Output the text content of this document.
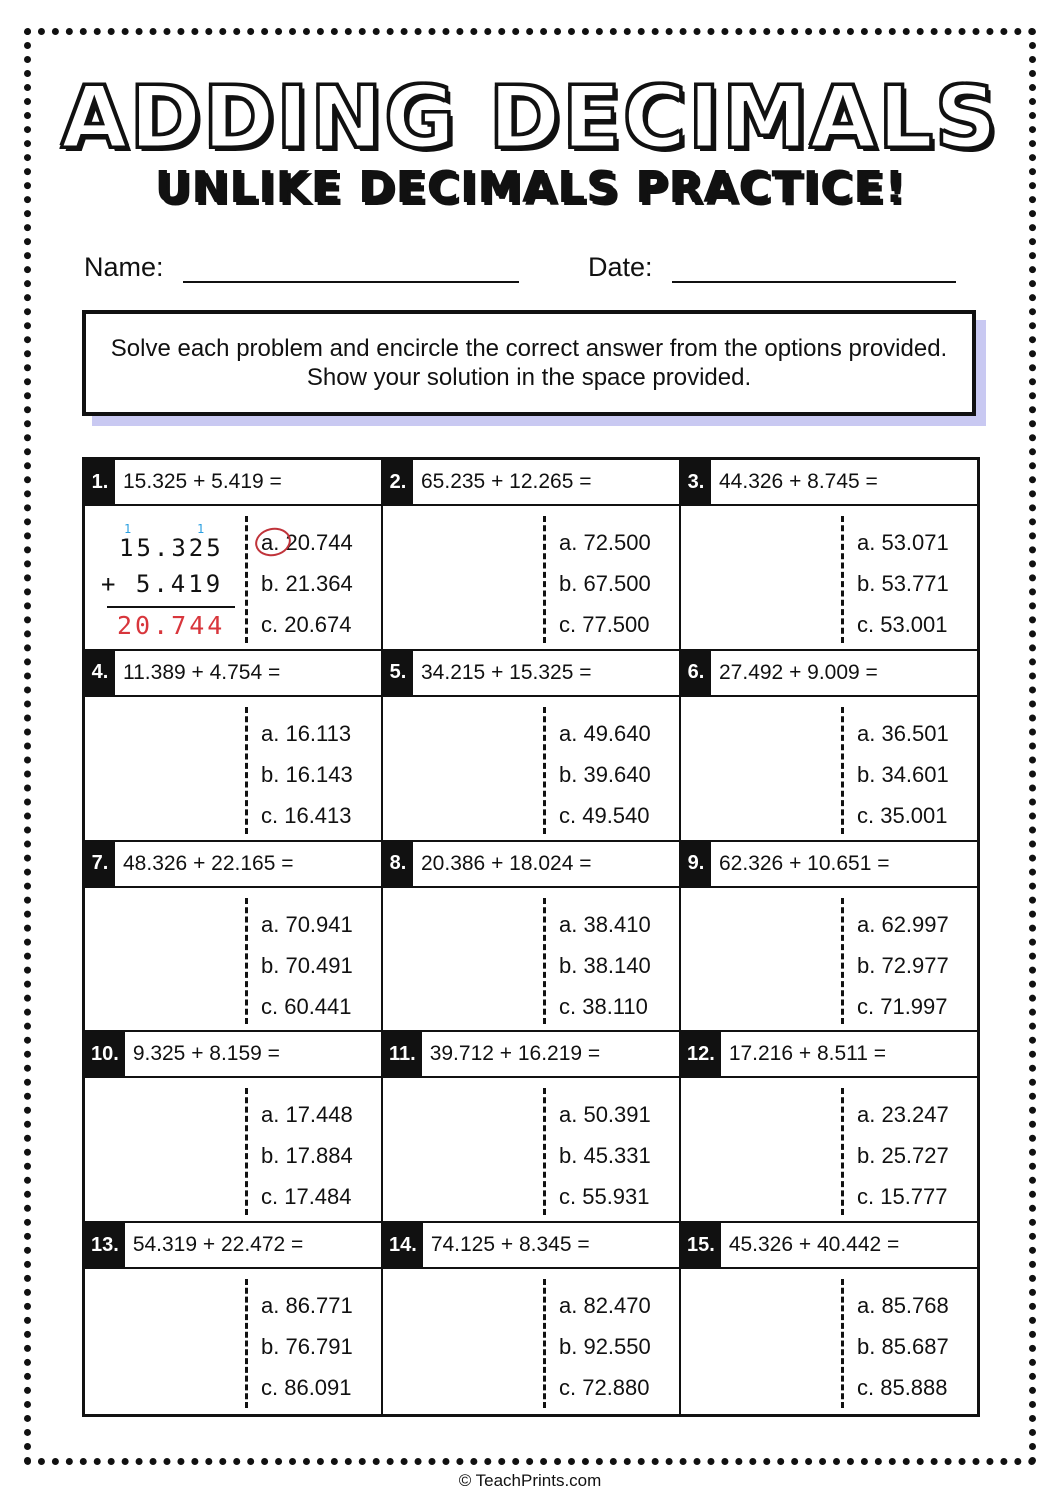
ADDING DECIMALS
UNLIKE DECIMALS PRACTICE!
Name:	Date:

Solve each problem and encircle the correct answer from the options provided. Show your solution in the space provided.

1. 15.325 + 5.419 =
a. 20.744
b. 21.364
c. 20.674
1	1
15.325
+ 5.419
20.744
2. 65.235 + 12.265 =
a. 72.500
b. 67.500
c. 77.500
3. 44.326 + 8.745 =
a. 53.071
b. 53.771
c. 53.001
4. 11.389 + 4.754 =
a. 16.113
b. 16.143
c. 16.413
5. 34.215 + 15.325 =
a. 49.640
b. 39.640
c. 49.540
6. 27.492 + 9.009 =
a. 36.501
b. 34.601
c. 35.001
7. 48.326 + 22.165 =
a. 70.941
b. 70.491
c. 60.441
8. 20.386 + 18.024 =
a. 38.410
b. 38.140
c. 38.110
9. 62.326 + 10.651 =
a. 62.997
b. 72.977
c. 71.997
10. 9.325 + 8.159 =
a. 17.448
b. 17.884
c. 17.484
11. 39.712 + 16.219 =
a. 50.391
b. 45.331
c. 55.931
12. 17.216 + 8.511 =
a. 23.247
b. 25.727
c. 15.777
13. 54.319 + 22.472 =
a. 86.771
b. 76.791
c. 86.091
14. 74.125 + 8.345 =
a. 82.470
b. 92.550
c. 72.880
15. 45.326 + 40.442 =
a. 85.768
b. 85.687
c. 85.888
© TeachPrints.com
